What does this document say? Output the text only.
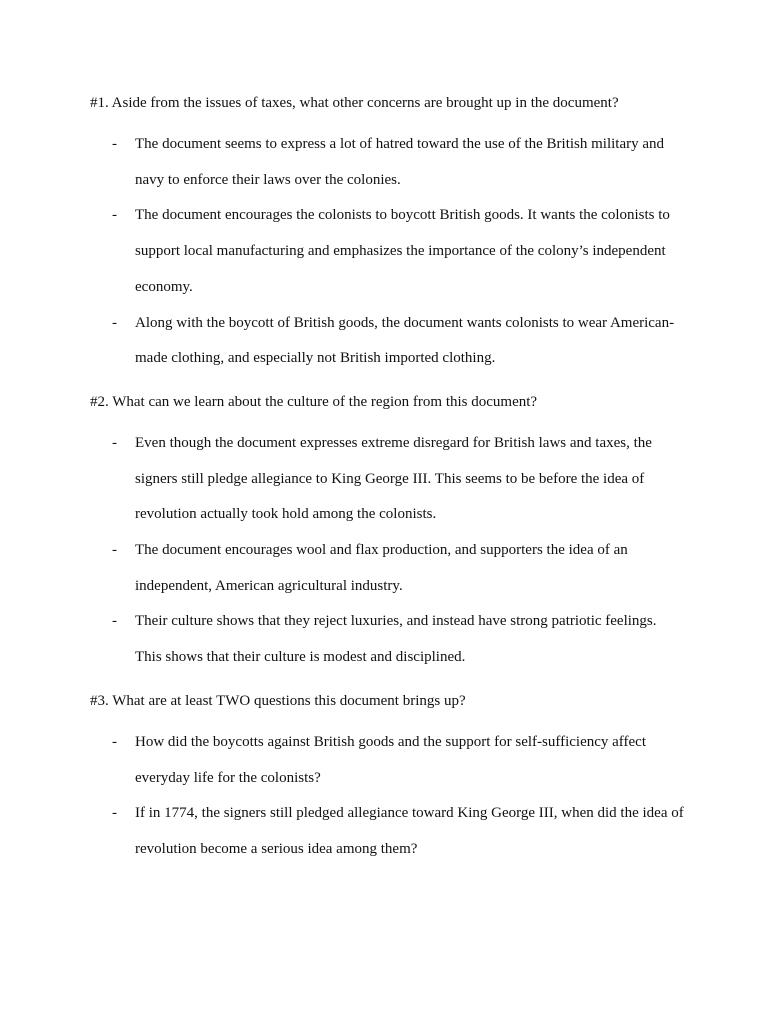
#1. Aside from the issues of taxes, what other concerns are brought up in the document?

- The document seems to express a lot of hatred toward the use of the British military and navy to enforce their laws over the colonies.
- The document encourages the colonists to boycott British goods. It wants the colonists to support local manufacturing and emphasizes the importance of the colony’s independent economy.
- Along with the boycott of British goods, the document wants colonists to wear American-made clothing, and especially not British imported clothing.

#2. What can we learn about the culture of the region from this document?

- Even though the document expresses extreme disregard for British laws and taxes, the signers still pledge allegiance to King George III. This seems to be before the idea of revolution actually took hold among the colonists.
- The document encourages wool and flax production, and supporters the idea of an independent, American agricultural industry.
- Their culture shows that they reject luxuries, and instead have strong patriotic feelings. This shows that their culture is modest and disciplined.

#3. What are at least TWO questions this document brings up?

- How did the boycotts against British goods and the support for self-sufficiency affect everyday life for the colonists?
- If in 1774, the signers still pledged allegiance toward King George III, when did the idea of revolution become a serious idea among them?
